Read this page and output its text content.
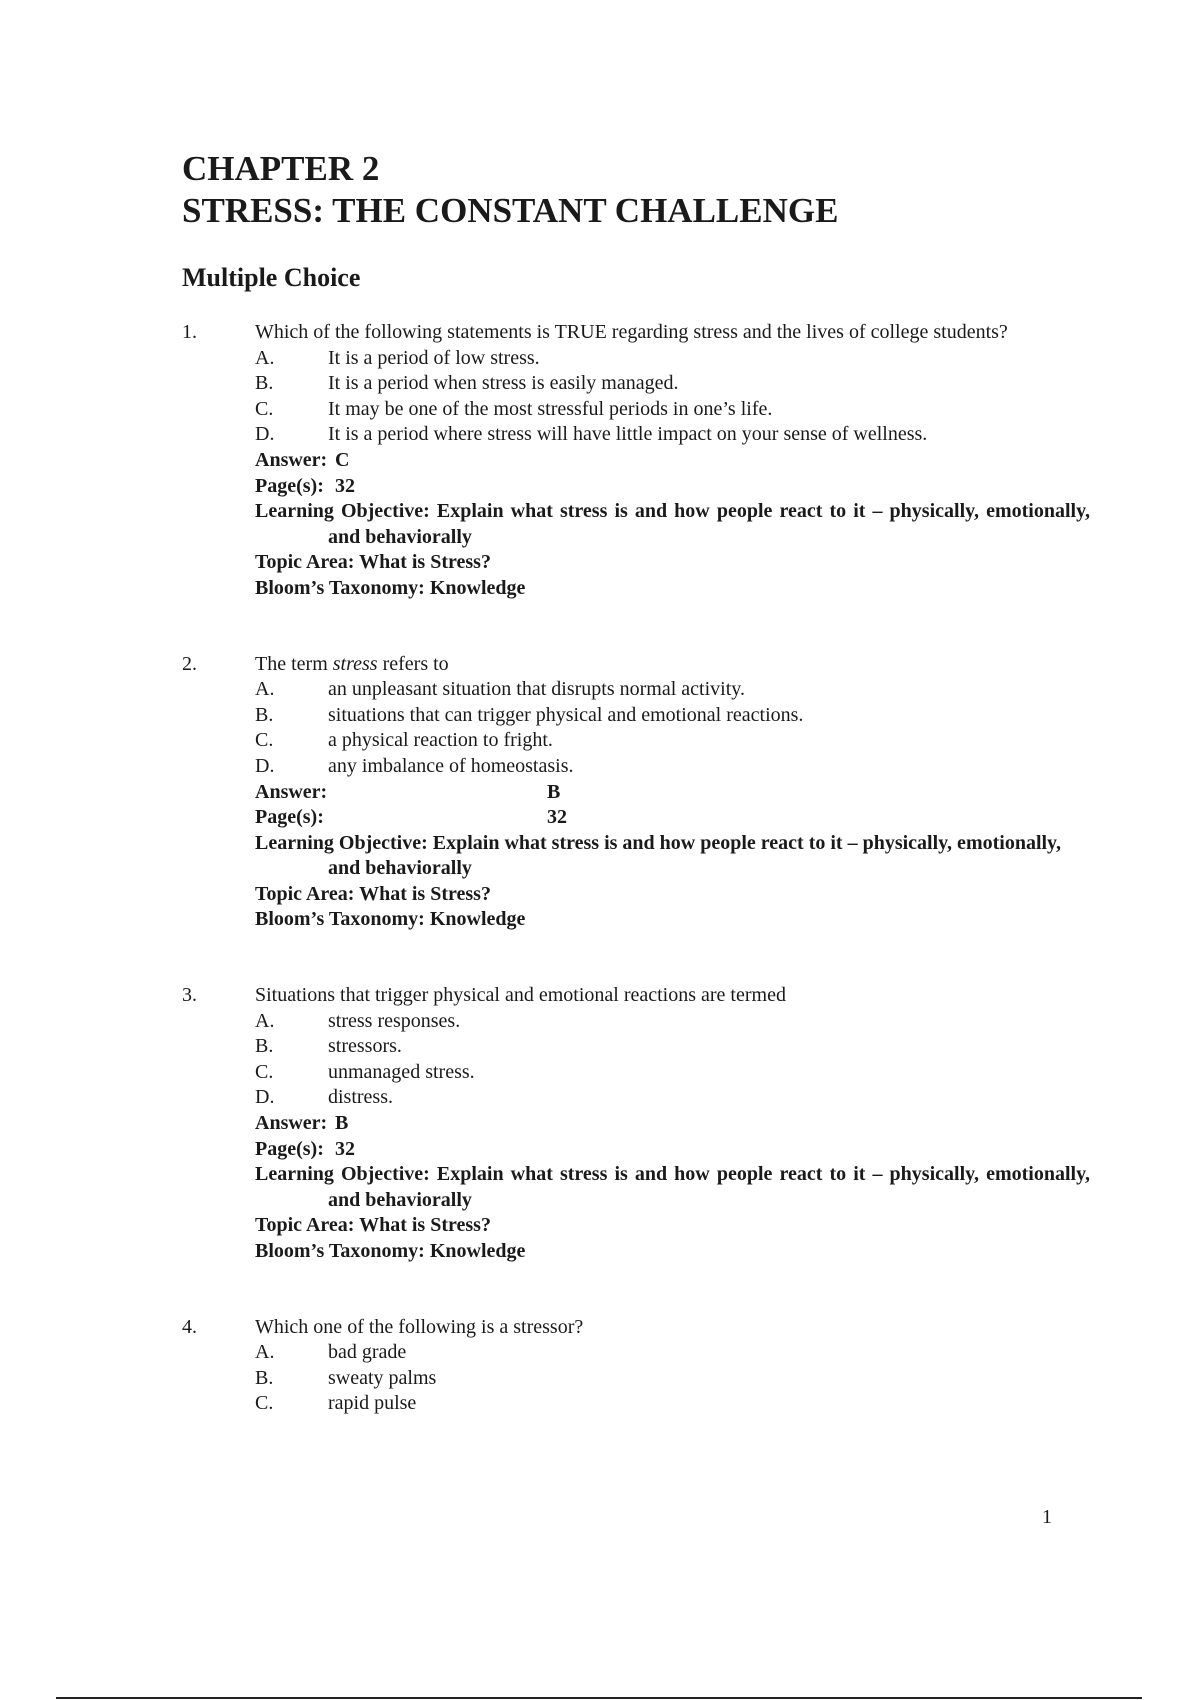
CHAPTER 2
STRESS: THE CONSTANT CHALLENGE
Multiple Choice
1.	Which of the following statements is TRUE regarding stress and the lives of college students?
A.	It is a period of low stress.
B.	It is a period when stress is easily managed.
C.	It may be one of the most stressful periods in one’s life.
D.	It is a period where stress will have little impact on your sense of wellness.
Answer: C
Page(s): 32
Learning Objective: Explain what stress is and how people react to it – physically, emotionally, and behaviorally
Topic Area: What is Stress?
Bloom’s Taxonomy: Knowledge
2.	The term stress refers to
A.	an unpleasant situation that disrupts normal activity.
B.	situations that can trigger physical and emotional reactions.
C.	a physical reaction to fright.
D.	any imbalance of homeostasis.
Answer:	B
Page(s):	32
Learning Objective: Explain what stress is and how people react to it – physically, emotionally, and behaviorally
Topic Area: What is Stress?
Bloom’s Taxonomy: Knowledge
3.	Situations that trigger physical and emotional reactions are termed
A.	stress responses.
B.	stressors.
C.	unmanaged stress.
D.	distress.
Answer: B
Page(s): 32
Learning Objective: Explain what stress is and how people react to it – physically, emotionally, and behaviorally
Topic Area: What is Stress?
Bloom’s Taxonomy: Knowledge
4.	Which one of the following is a stressor?
A.	bad grade
B.	sweaty palms
C.	rapid pulse
1
